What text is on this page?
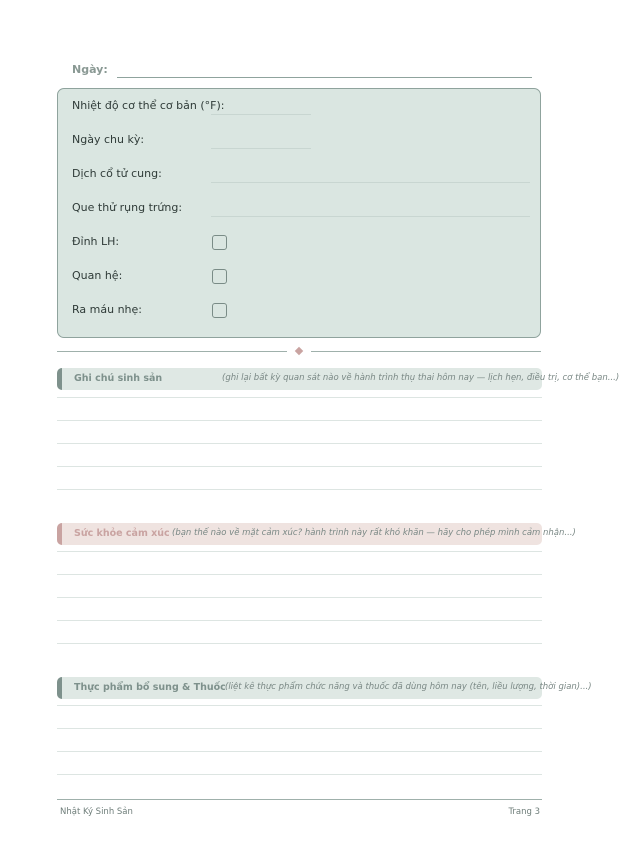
Ngày:
Nhiệt độ cơ thể cơ bản (°F):
Ngày chu kỳ:
Dịch cổ tử cung:
Que thử rụng trứng:
Đỉnh LH:
Quan hệ:
Ra máu nhẹ:
Ghi chú sinh sản	(ghi lại bất kỳ quan sát nào về hành trình thụ thai hôm nay — lịch hẹn, điều trị, cơ thể bạn...)
Sức khỏe cảm xúc (bạn thế nào về mặt cảm xúc? hành trình này rất khó khăn — hãy cho phép mình cảm nhận...)
Thực phẩm bổ sung & Thuốc (liệt kê thực phẩm chức năng và thuốc đã dùng hôm nay (tên, liều lượng, thời gian)...)
Nhật Ký Sinh Sản	Trang 3
